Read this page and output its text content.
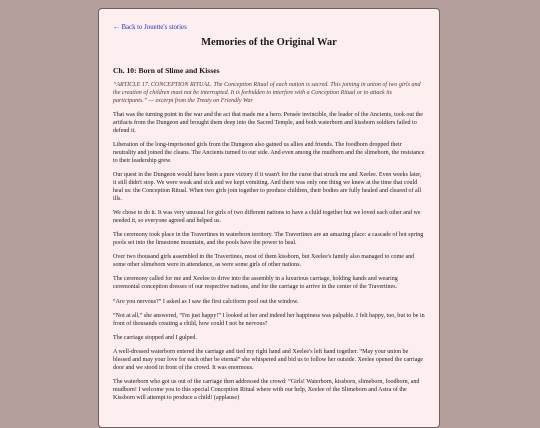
← Back to Jouette's stories
Memories of the Original War
Ch. 10: Born of Slime and Kisses

“ARTICLE 17. CONCEPTION RITUAL. The Conception Ritual of each nation is sacred. This joining in union of two girls and the creation of children must not be interrupted. It is forbidden to interfere with a Conception Ritual or to attack its participants.” — excerpt from the Treaty on Friendly War

That was the turning point in the war and the act that made me a hero. Pensée invincible, the leader of the Ancients, took out the artifacts from the Dungeon and brought them deep into the Sacred Temple, and both waterborn and kissborn soldiers failed to defend it.

Liberation of the long-imprisoned girls from the Dungeon also gained us allies and friends. The foodborn dropped their neutrality and joined the cleans. The Ancients turned to our side. And even among the mudborn and the slimeborn, the resistance to their leadership grew.

Our quest in the Dungeon would have been a pure victory if it wasn't for the curse that struck me and Xeelee. Even weeks later, it still didn't stop. We were weak and sick and we kept vomiting. And there was only one thing we knew at the time that could heal us: the Conception Ritual. When two girls join together to produce children, their bodies are fully healed and cleared of all ills.

We chose to do it. It was very unusual for girls of two different nations to have a child together but we loved each other and we needed it, so everyone agreed and helped us.

The ceremony took place in the Travertines in waterborn territory. The Travertines are an amazing place: a cascade of hot spring pools set into the limestone mountain, and the pools have the power to heal.

Over two thousand girls assembled in the Travertines, most of them kissborn, but Xeelee's family also managed to come and some other slimeborn were in attendance, as were some girls of other nations.

The ceremony called for me and Xeelee to drive into the assembly in a luxurious carriage, holding hands and wearing ceremonial conception dresses of our respective nations, and for the carriage to arrive in the center of the Travertines.

“Are you nervous?” I asked as I saw the first calciform pool out the window.

“Not at all,” she answered, “I'm just happy!” I looked at her and indeed her happiness was palpable. I felt happy, too, but to be in front of thousands creating a child, how could I not be nervous?

The carriage stopped and I gulped.

A well-dressed waterborn entered the carriage and tied my right hand and Xeelee's left hand together. “May your union be blessed and may your love for each other be eternal” she whispered and bid us to follow her outside. Xeelee opened the carriage door and we stood in front of the crowd. It was enormous.

The waterborn who got us out of the carriage then addressed the crowd: “Girls! Waterborn, kissborn, slimeborn, foodborn, and mudborn! I welcome you to this special Conception Ritual where with our help, Xeelee of the Slimeborn and Astra of the Kissborn will attempt to produce a child! (applause)
